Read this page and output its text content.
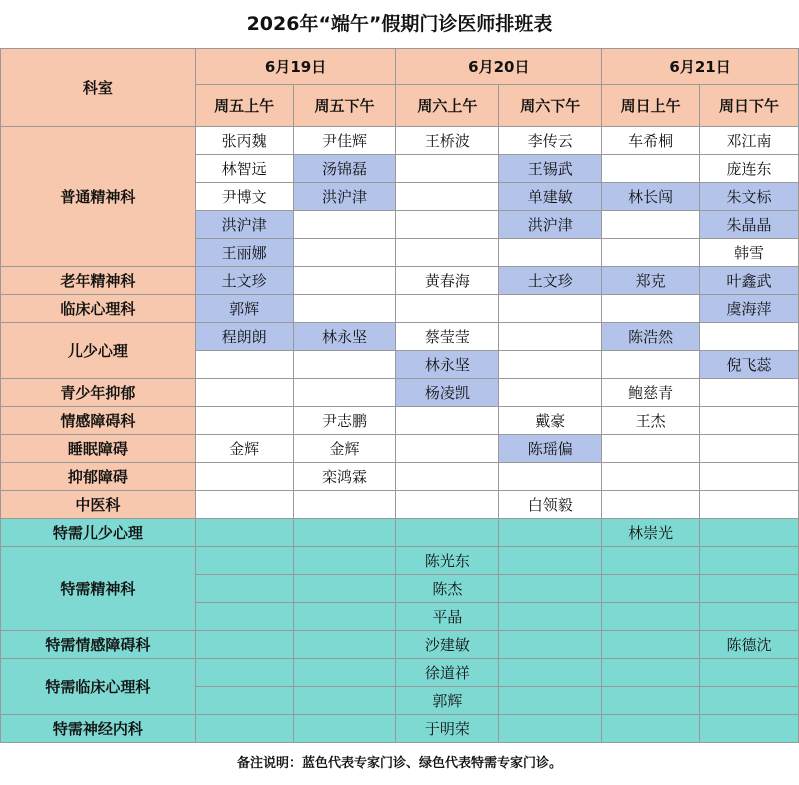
2026年“端午”假期门诊医师排班表
科室	6月19日		6月20日		6月21日	
	周五上午	周五下午	周六上午	周六下午	周日上午	周日下午
普通精神科	张丙魏	尹佳辉	王桥波	李传云	车希桐	邓江南
	林智远	汤锦磊		王锡武		庞连东
	尹博文	洪沪津		单建敏	林长闯	朱文标
	洪沪津			洪沪津		朱晶晶
	王丽娜					韩雪
老年精神科	土文珍		黄春海	土文珍	郑克	叶鑫武
临床心理科	郭辉					虞海萍
儿少心理	程朗朗	林永坚	蔡莹莹		陈浩然	
			林永坚			倪飞蕊
青少年抑郁			杨凌凯		鲍慈青	
情感障碍科		尹志鹏		戴豪	王杰	
睡眠障碍	金辉	金辉		陈瑶偏		
抑郁障碍		栾鸿霖				
中医科				白领毅		
特需儿少心理					林崇光	
特需精神科			陈光东			
			陈杰			
			平晶			
特需情感障碍科			沙建敏			陈德沈
特需临床心理科			徐道祥			
			郭辉			
特需神经内科			于明荣			
备注说明：蓝色代表专家门诊、绿色代表特需专家门诊。
